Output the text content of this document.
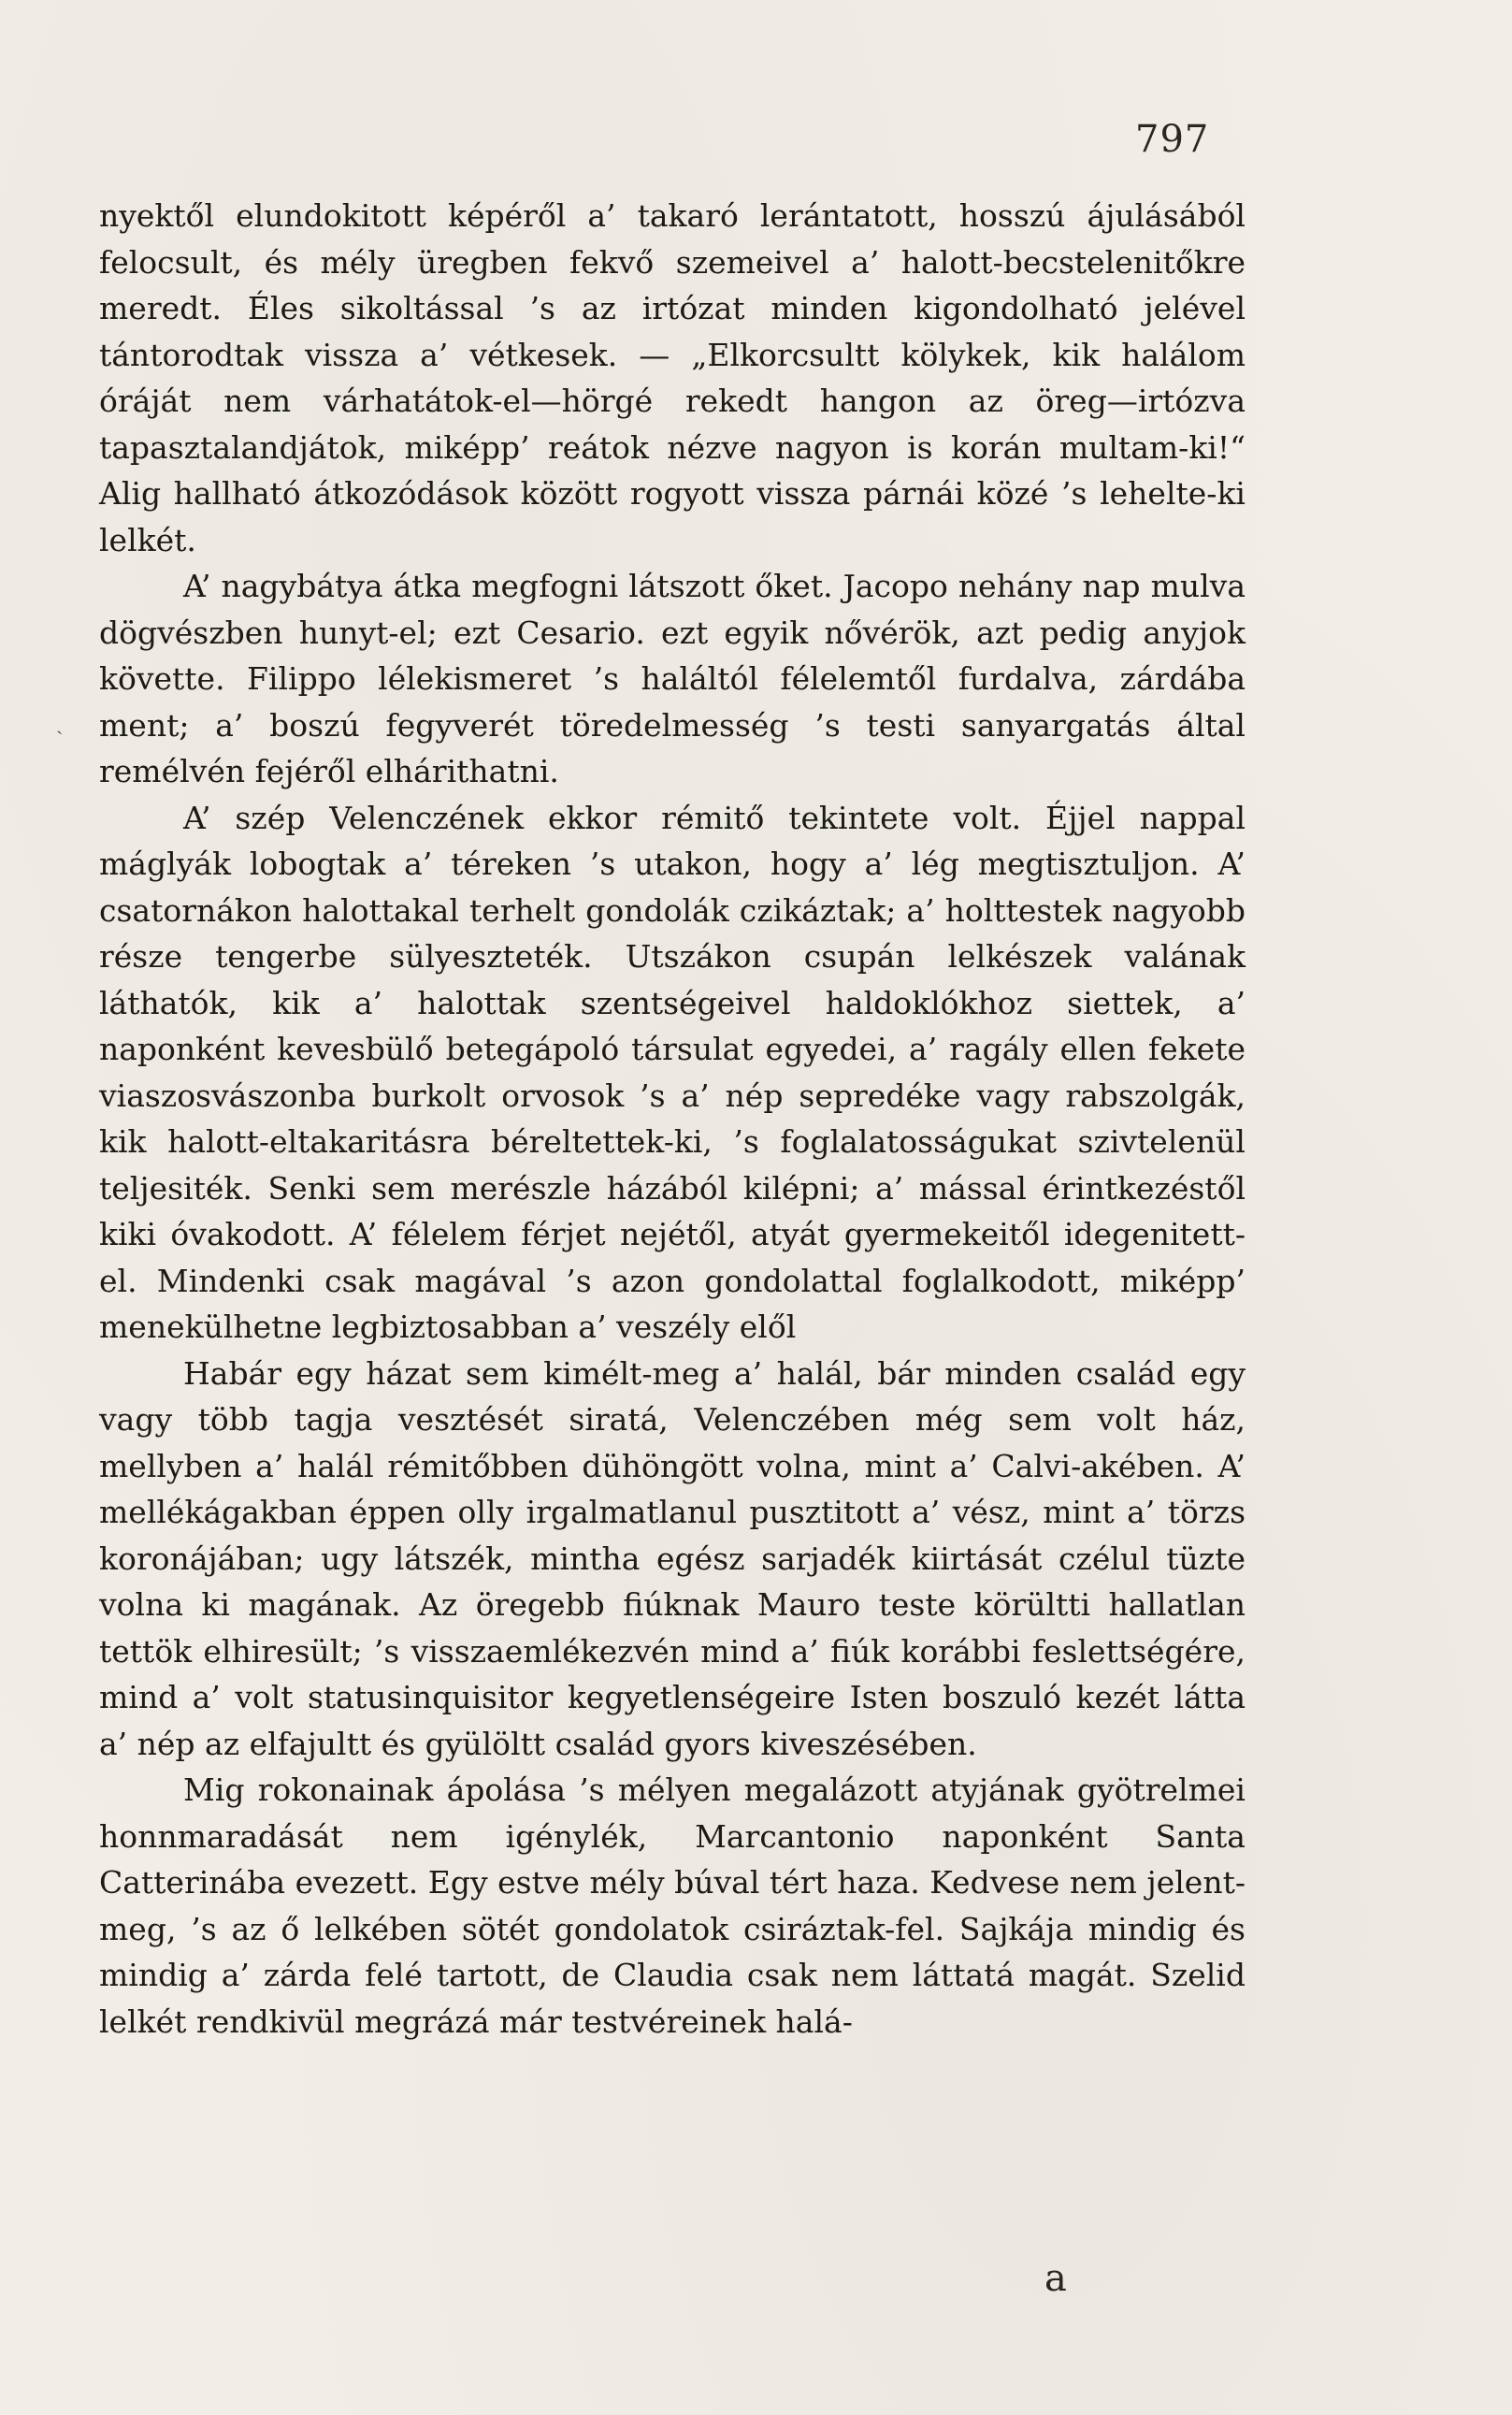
797
ˎ

nyektől elundokitott képéről a’ takaró lerántatott, hosszú ájulásából felocsult, és mély üregben fekvő szemeivel a’ halott-becstelenitőkre meredt. Éles sikoltással ’s az irtózat minden kigondolható jelével tántorodtak vissza a’ vétkesek. — „Elkorcsultt kölykek, kik halálom óráját nem várhatátok-el—hörgé rekedt hangon az öreg—irtózva tapasztalandjátok, miképp’ reátok nézve nagyon is korán multam-ki!“ Alig hallható átkozódások között rogyott vissza párnái közé ’s lehelte-ki lelkét.

A’ nagybátya átka megfogni látszott őket. Jacopo nehány nap mulva dögvészben hunyt-el; ezt Cesario. ezt egyik nővérök, azt pedig anyjok követte. Filippo lélekismeret ’s haláltól félelemtől furdalva, zárdába ment; a’ boszú fegyverét töredelmesség ’s testi sanyargatás által remélvén fejéről elhárithatni.

A’ szép Velenczének ekkor rémitő tekintete volt. Éjjel nappal máglyák lobogtak a’ téreken ’s utakon, hogy a’ lég megtisztuljon. A’ csatornákon halottakal terhelt gondolák czikáztak; a’ holttestek nagyobb része tengerbe sülyeszteték. Utszákon csupán lelkészek valának láthatók, kik a’ halottak szentségeivel haldoklókhoz siettek, a’ naponként kevesbülő betegápoló társulat egyedei, a’ ragály ellen fekete viaszosvászonba burkolt orvosok ’s a’ nép sepredéke vagy rabszolgák, kik halott-eltakaritásra béreltettek-ki, ’s foglalatosságukat szivtelenül teljesiték. Senki sem merészle házából kilépni; a’ mással érintkezéstől kiki óvakodott. A’ félelem férjet nejétől, atyát gyermekeitől idegenitett-el. Mindenki csak magával ’s azon gondolattal foglalkodott, miképp’ menekülhetne legbiztosabban a’ veszély elől

Habár egy házat sem kimélt-meg a’ halál, bár minden család egy vagy több tagja vesztését siratá, Velenczében még sem volt ház, mellyben a’ halál rémitőbben dühöngött volna, mint a’ Calvi-akében. A’ mellékágakban éppen olly irgalmatlanul pusztitott a’ vész, mint a’ törzs koronájában; ugy látszék, mintha egész sarjadék kiirtását czélul tüzte volna ki magának. Az öregebb fiúknak Mauro teste körültti hallatlan tettök elhiresült; ’s visszaemlékezvén mind a’ fiúk korábbi feslettségére, mind a’ volt statusinquisitor kegyetlenségeire Isten boszuló kezét látta a’ nép az elfajultt és gyülöltt család gyors kiveszésében.

Mig rokonainak ápolása ’s mélyen megalázott atyjának gyötrelmei honnmaradását nem igénylék, Marcantonio naponként Santa Catterinába evezett. Egy estve mély búval tért haza. Kedvese nem jelent-meg, ’s az ő lelkében sötét gondolatok csiráztak-fel. Sajkája mindig és mindig a’ zárda felé tartott, de Claudia csak nem láttatá magát. Szelid lelkét rendkivül megrázá már testvéreinek halá-

a
